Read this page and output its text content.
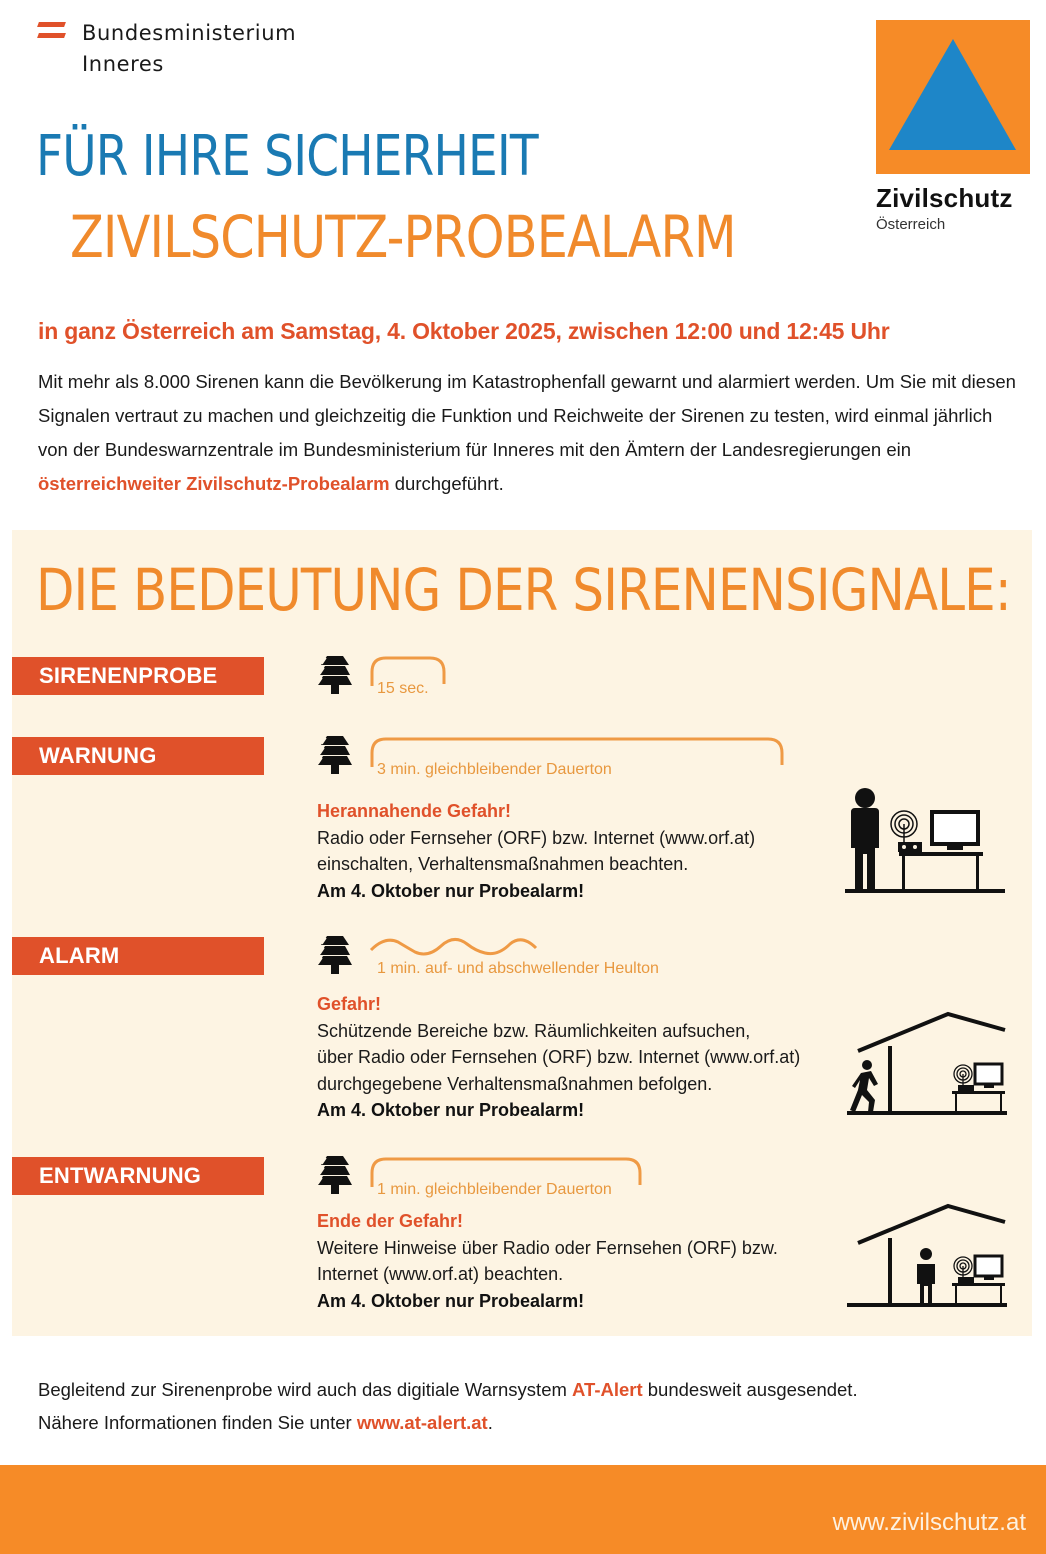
Bundesministerium
Inneres
Zivilschutz
Österreich
FÜR IHRE SICHERHEIT
ZIVILSCHUTZ-PROBEALARM
in ganz Österreich am Samstag, 4. Oktober 2025, zwischen 12:00 und 12:45 Uhr
Mit mehr als 8.000 Sirenen kann die Bevölkerung im Katastrophenfall gewarnt und alarmiert werden. Um Sie mit diesen Signalen vertraut zu machen und gleichzeitig die Funktion und Reichweite der Sirenen zu testen, wird einmal jährlich von der Bundeswarnzentrale im Bundesministerium für Inneres mit den Ämtern der Landesregierungen ein österreichweiter Zivilschutz-Probealarm durchgeführt.
DIE BEDEUTUNG DER SIRENENSIGNALE:
SIRENENPROBE
15 sec.
WARNUNG
3 min. gleichbleibender Dauerton
Herannahende Gefahr!
Radio oder Fernseher (ORF) bzw. Internet (www.orf.at)
einschalten, Verhaltensmaßnahmen beachten.
Am 4. Oktober nur Probealarm!
ALARM
1 min. auf- und abschwellender Heulton
Gefahr!
Schützende Bereiche bzw. Räumlichkeiten aufsuchen,
über Radio oder Fernsehen (ORF) bzw. Internet (www.orf.at)
durchgegebene Verhaltensmaßnahmen befolgen.
Am 4. Oktober nur Probealarm!
ENTWARNUNG
1 min. gleichbleibender Dauerton
Ende der Gefahr!
Weitere Hinweise über Radio oder Fernsehen (ORF) bzw.
Internet (www.orf.at) beachten.
Am 4. Oktober nur Probealarm!
Begleitend zur Sirenenprobe wird auch das digitiale Warnsystem AT-Alert bundesweit ausgesendet.
Nähere Informationen finden Sie unter www.at-alert.at.
www.zivilschutz.at
